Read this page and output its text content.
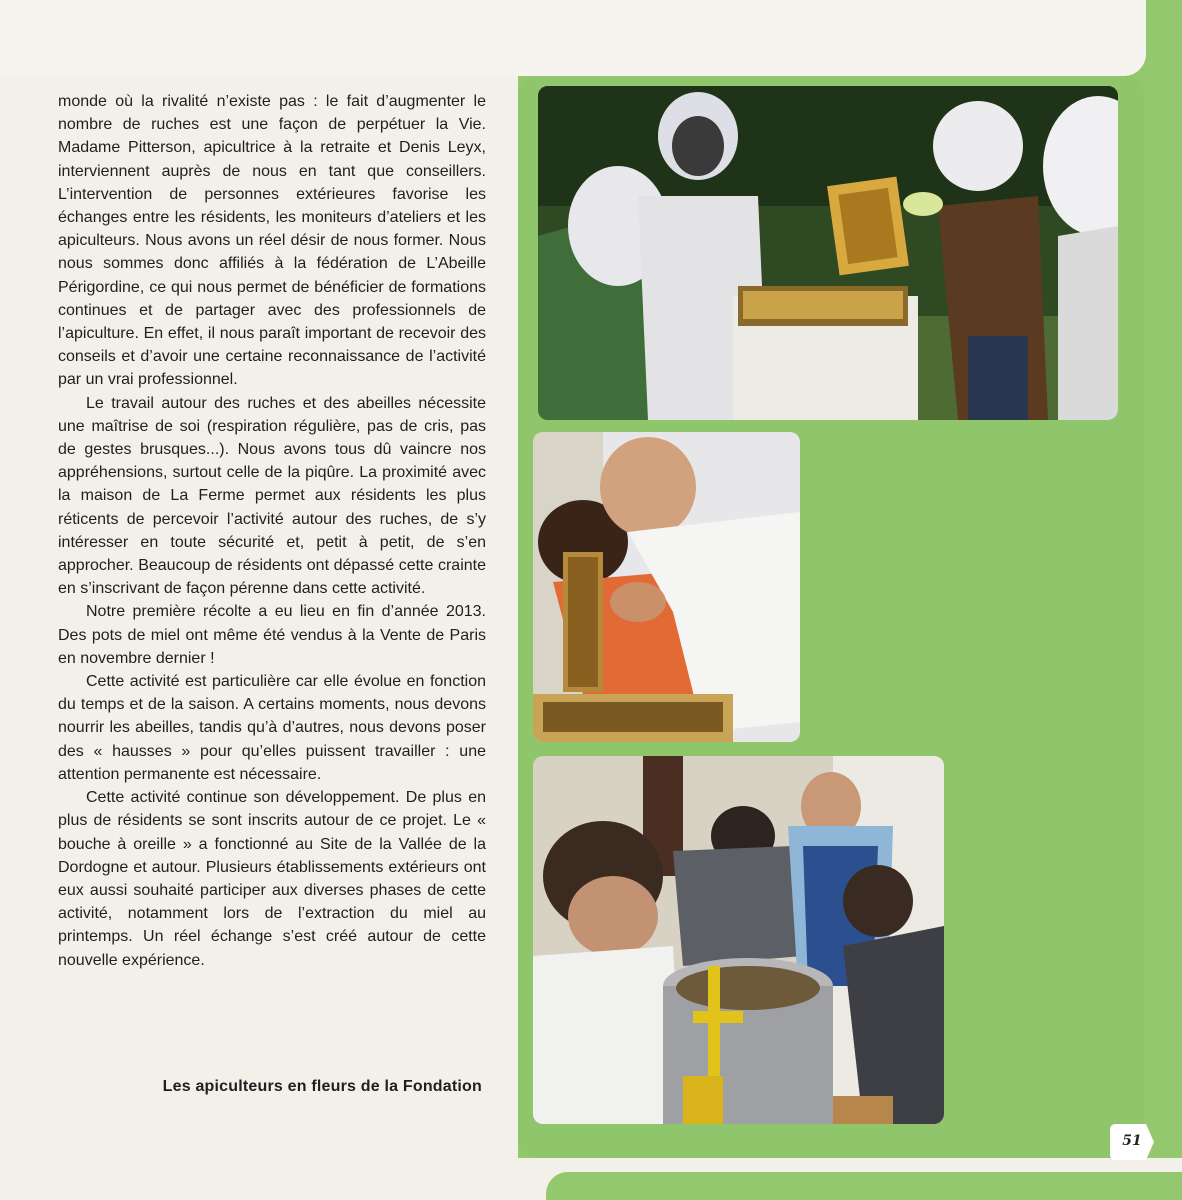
monde où la rivalité n’existe pas : le fait d’augmenter le nombre de ruches est une façon de perpétuer la Vie. Madame Pitterson, apicultrice à la retraite et Denis Leyx, interviennent auprès de nous en tant que conseillers. L’intervention de personnes extérieures favorise les échanges entre les résidents, les moniteurs d’ateliers et les apiculteurs. Nous avons un réel désir de nous former. Nous nous sommes donc affiliés à la fédération de L’Abeille Périgordine, ce qui nous permet de bénéficier de formations continues et de partager avec des professionnels de l’apiculture. En effet, il nous paraît important de recevoir des conseils et d’avoir une certaine reconnaissance de l’activité par un vrai professionnel.

Le travail autour des ruches et des abeilles nécessite une maîtrise de soi (respiration régulière, pas de cris, pas de gestes brusques...). Nous avons tous dû vaincre nos appréhensions, surtout celle de la piqûre. La proximité avec la maison de La Ferme permet aux résidents les plus réticents de percevoir l’activité autour des ruches, de s’y intéresser en toute sécurité et, petit à petit, de s’en approcher. Beaucoup de résidents ont dépassé cette crainte en s’inscrivant de façon pérenne dans cette activité.

Notre première récolte a eu lieu en fin d’année 2013. Des pots de miel ont même été vendus à la Vente de Paris en novembre dernier !

Cette activité est particulière car elle évolue en fonction du temps et de la saison. A certains moments, nous devons nourrir les abeilles, tandis qu’à d’autres, nous devons poser des « hausses » pour qu’elles puissent travailler : une attention permanente est nécessaire.

Cette activité continue son développement. De plus en plus de résidents se sont inscrits autour de ce projet. Le « bouche à oreille » a fonctionné au Site de la Vallée de la Dordogne et autour. Plusieurs établissements extérieurs ont eux aussi souhaité participer aux diverses phases de cette activité, notamment lors de l’extraction du miel au printemps. Un réel échange s’est créé autour de cette nouvelle expérience.

Les apiculteurs en fleurs de la Fondation
51
